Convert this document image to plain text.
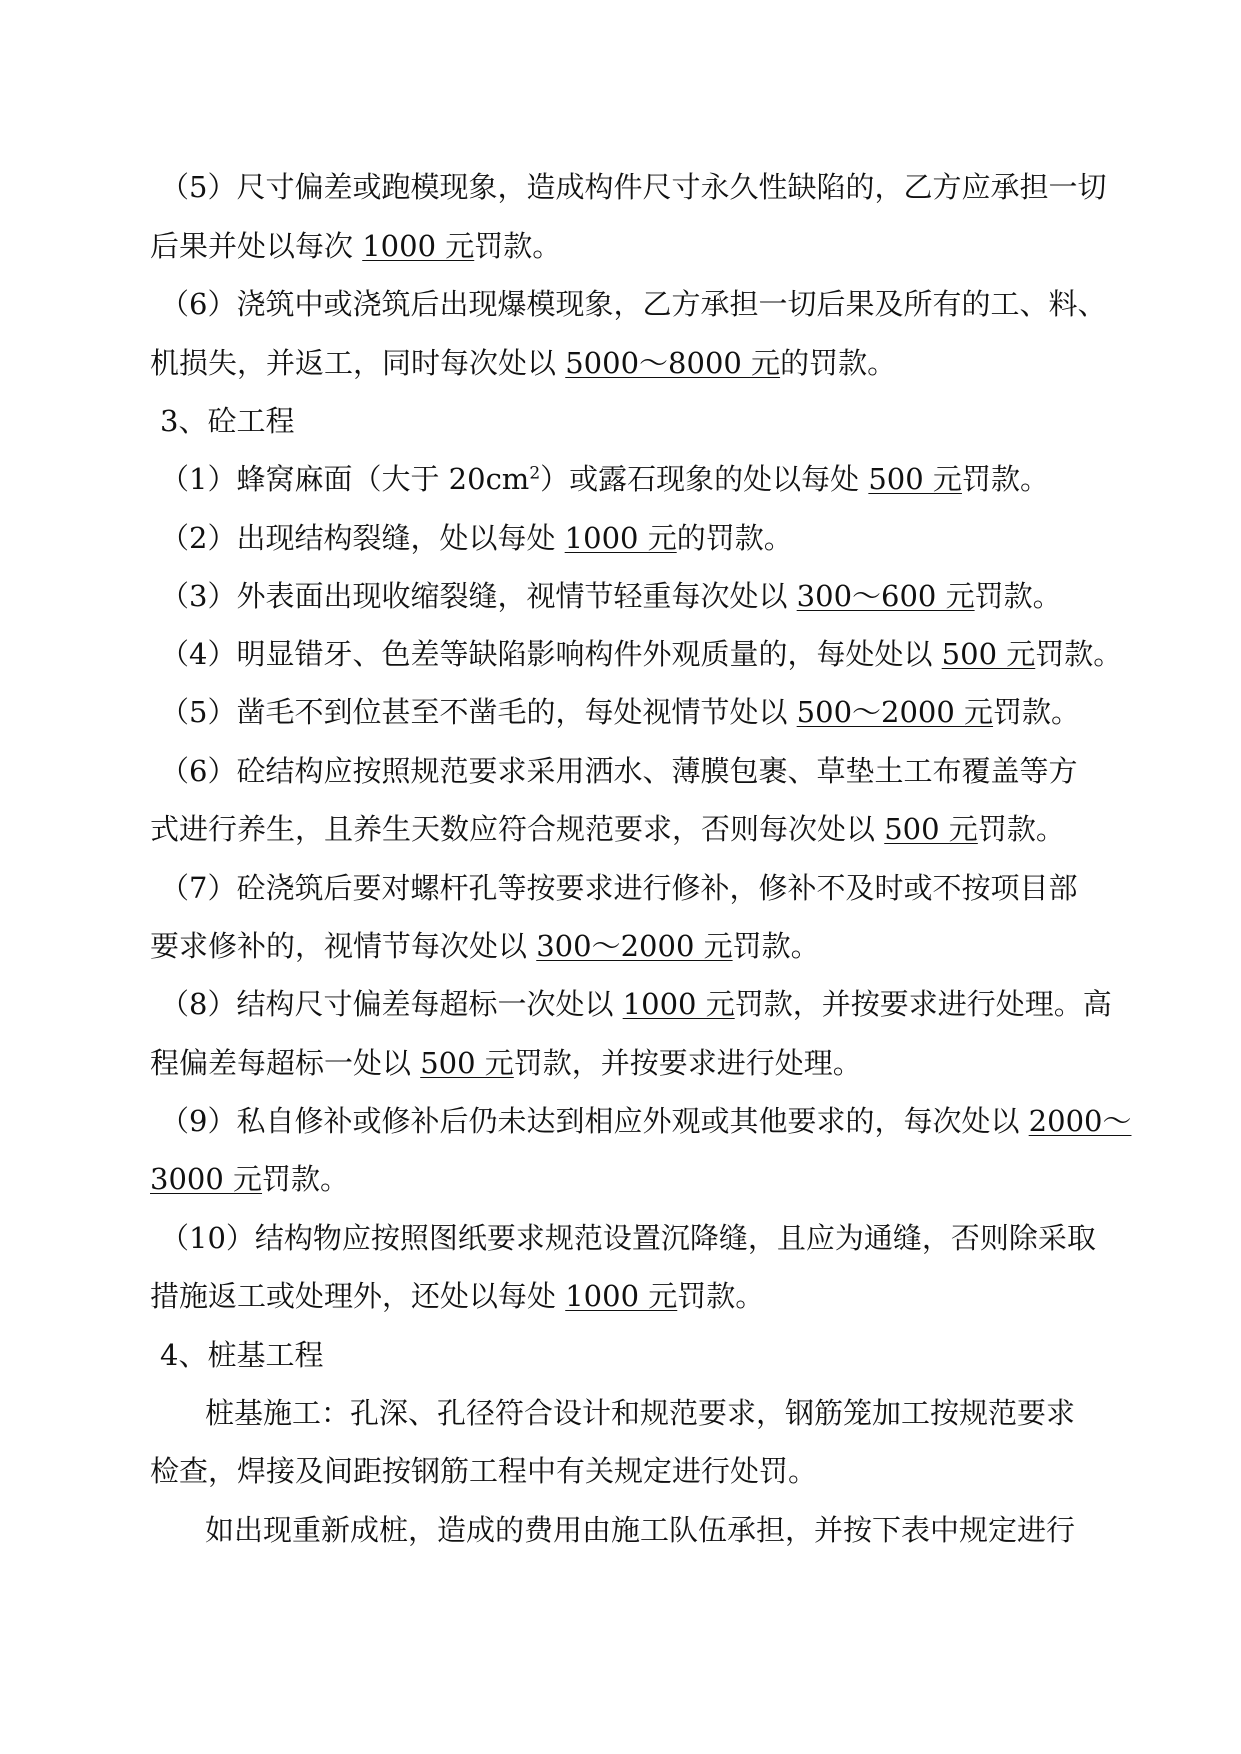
（5）尺寸偏差或跑模现象，造成构件尺寸永久性缺陷的，乙方应承担一切
后果并处以每次 1000 元罚款。
（6）浇筑中或浇筑后出现爆模现象，乙方承担一切后果及所有的工、料、
机损失，并返工，同时每次处以 5000～8000 元的罚款。
3、砼工程
（1）蜂窝麻面（大于 $20cm^2$）或露石现象的处以每处 500 元罚款。
（2）出现结构裂缝，处以每处 1000 元的罚款。
（3）外表面出现收缩裂缝，视情节轻重每次处以 300～600 元罚款。
（4）明显错牙、色差等缺陷影响构件外观质量的，每处处以 500 元罚款。
（5）凿毛不到位甚至不凿毛的，每处视情节处以 500～2000 元罚款。
（6）砼结构应按照规范要求采用洒水、薄膜包裹、草垫土工布覆盖等方
式进行养生，且养生天数应符合规范要求，否则每次处以 500 元罚款。
（7）砼浇筑后要对螺杆孔等按要求进行修补，修补不及时或不按项目部
要求修补的，视情节每次处以 300～2000 元罚款。
（8）结构尺寸偏差每超标一次处以 1000 元罚款，并按要求进行处理。高
程偏差每超标一处以 500 元罚款，并按要求进行处理。
（9）私自修补或修补后仍未达到相应外观或其他要求的，每次处以 2000～
3000 元罚款。
（10）结构物应按照图纸要求规范设置沉降缝，且应为通缝，否则除采取
措施返工或处理外，还处以每处 1000 元罚款。
4、桩基工程
桩基施工：孔深、孔径符合设计和规范要求，钢筋笼加工按规范要求
检查，焊接及间距按钢筋工程中有关规定进行处罚。
如出现重新成桩，造成的费用由施工队伍承担，并按下表中规定进行
